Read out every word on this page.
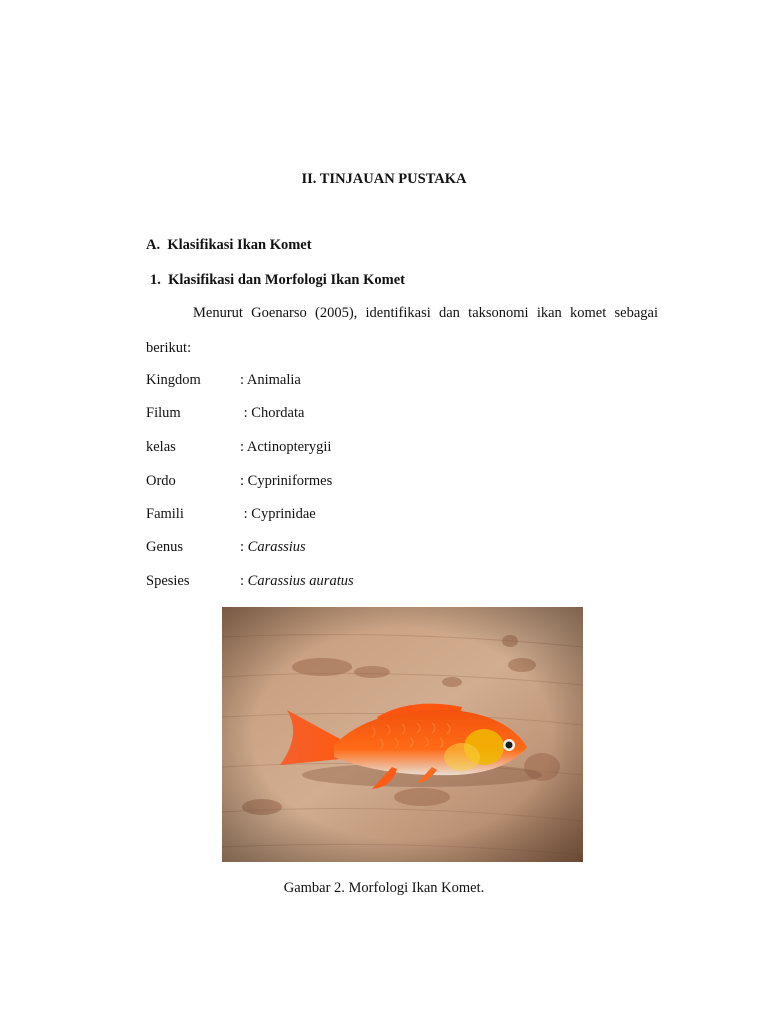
II. TINJAUAN PUSTAKA
A. Klasifikasi Ikan Komet
1. Klasifikasi dan Morfologi Ikan Komet
Menurut Goenarso (2005), identifikasi dan taksonomi ikan komet sebagai
berikut:
Kingdom	: Animalia
Filum	: Chordata
kelas	: Actinopterygii
Ordo	: Cypriniformes
Famili	: Cyprinidae
Genus	: Carassius
Spesies	: Carassius auratus
Gambar 2. Morfologi Ikan Komet.
